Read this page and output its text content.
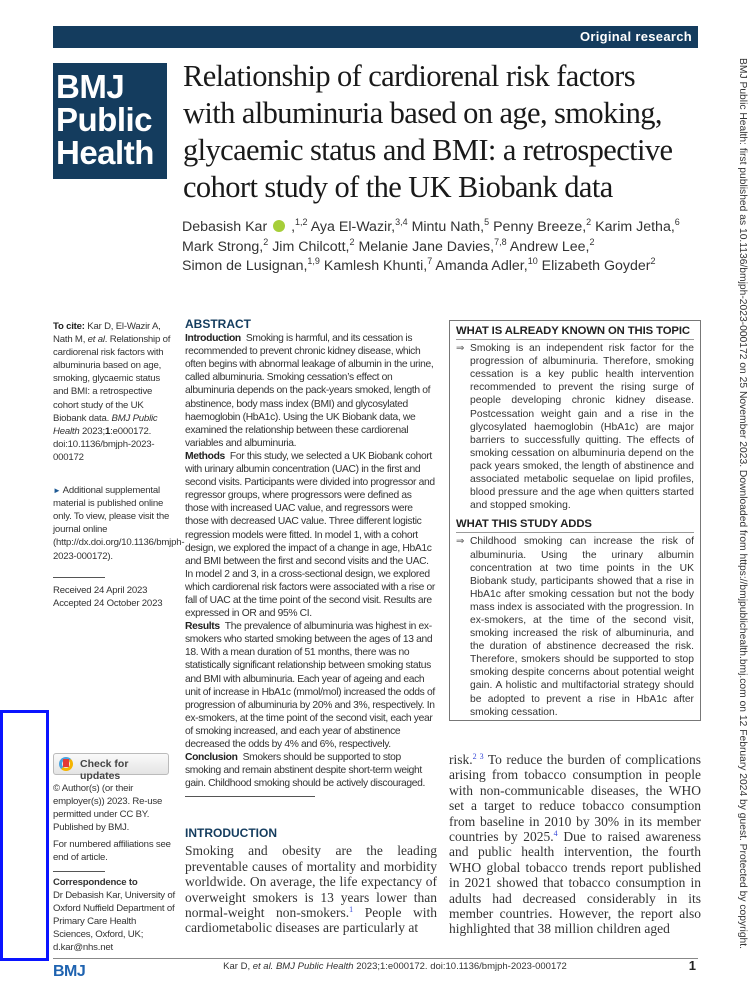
Original research
BMJ
Public
Health
Relationship of cardiorenal risk factors with albuminuria based on age, smoking, glycaemic status and BMI: a retrospective cohort study of the UK Biobank data
Debasish Kar ,$^{1,2}$ Aya El-Wazir,$^{3,4}$ Mintu Nath,$^5$ Penny Breeze,$^2$ Karim Jetha,$^6$
Mark Strong,$^2$ Jim Chilcott,$^2$ Melanie Jane Davies,$^{7,8}$ Andrew Lee,$^2$
Simon de Lusignan,$^{1,9}$ Kamlesh Khunti,$^7$ Amanda Adler,$^{10}$ Elizabeth Goyder$^2$
To cite: Kar D, El-Wazir A, Nath M, et al. Relationship of cardiorenal risk factors with albuminuria based on age, smoking, glycaemic status and BMI: a retrospective cohort study of the UK Biobank data. BMJ Public Health 2023;1:e000172. doi:10.1136/bmjph-2023-000172
► Additional supplemental material is published online only. To view, please visit the journal online (http://dx.doi.org/10.1136/bmjph-2023-000172).
Received 24 April 2023
Accepted 24 October 2023
Check for updates

© Author(s) (or their employer(s)) 2023. Re-use permitted under CC BY. Published by BMJ.

For numbered affiliations see end of article.

Correspondence to
Dr Debasish Kar, University of Oxford Nuffield Department of Primary Care Health Sciences, Oxford, UK; d.kar@nhs.net
ABSTRACT
Introduction Smoking is harmful, and its cessation is recommended to prevent chronic kidney disease, which often begins with abnormal leakage of albumin in the urine, called albuminuria. Smoking cessation’s effect on albuminuria depends on the pack-years smoked, length of abstinence, body mass index (BMI) and glycosylated haemoglobin (HbA1c). Using the UK Biobank data, we examined the relationship between these cardiorenal variables and albuminuria.
Methods For this study, we selected a UK Biobank cohort with urinary albumin concentration (UAC) in the first and second visits. Participants were divided into progressor and regressor groups, where progressors were defined as those with increased UAC value, and regressors were those with decreased UAC value. Three different logistic regression models were fitted. In model 1, with a cohort design, we explored the impact of a change in age, HbA1c and BMI between the first and second visits and the UAC. In model 2 and 3, in a cross-sectional design, we explored which cardiorenal risk factors were associated with a rise or fall of UAC at the time point of the second visit. Results are expressed in OR and 95% CI.
Results The prevalence of albuminuria was highest in ex-smokers who started smoking between the ages of 13 and 18. With a mean duration of 51 months, there was no statistically significant relationship between smoking status and BMI with albuminuria. Each year of ageing and each unit of increase in HbA1c (mmol/mol) increased the odds of progression of albuminuria by 20% and 3%, respectively. In ex-smokers, at the time point of the second visit, each year of smoking increased, and each year of abstinence decreased the odds by 4% and 6%, respectively.
Conclusion Smokers should be supported to stop smoking and remain abstinent despite short-term weight gain. Childhood smoking should be actively discouraged.
WHAT IS ALREADY KNOWN ON THIS TOPIC
⇒ Smoking is an independent risk factor for the progression of albuminuria. Therefore, smoking cessation is a key public health intervention recommended to prevent the rising surge of people developing chronic kidney disease. Postcessation weight gain and a rise in the glycosylated haemoglobin (HbA1c) are major barriers to successfully quitting. The effects of smoking cessation on albuminuria depend on the pack years smoked, the length of abstinence and associated metabolic sequelae on lipid profiles, blood pressure and the age when quitters started and stopped smoking.
WHAT THIS STUDY ADDS
⇒ Childhood smoking can increase the risk of albuminuria. Using the urinary albumin concentration at two time points in the UK Biobank study, participants showed that a rise in HbA1c after smoking cessation but not the body mass index is associated with the progression. In ex-smokers, at the time of the second visit, smoking increased the risk of albuminuria, and the duration of abstinence decreased the risk. Therefore, smokers should be supported to stop smoking despite concerns about potential weight gain. A holistic and multifactorial strategy should be adopted to prevent a rise in HbA1c after smoking cessation.
INTRODUCTION
Smoking and obesity are the leading preventable causes of mortality and morbidity worldwide. On average, the life expectancy of overweight smokers is 13 years lower than normal-weight non-smokers.$^1$ People with cardiometabolic diseases are particularly at
risk.$^{2 3}$ To reduce the burden of complications arising from tobacco consumption in people with non-communicable diseases, the WHO set a target to reduce tobacco consumption from baseline in 2010 by 30% in its member countries by 2025.$^4$ Due to raised awareness and public health intervention, the fourth WHO global tobacco trends report published in 2021 showed that tobacco consumption in adults had decreased considerably in its member countries. However, the report also highlighted that 38 million children aged
BMJ	Kar D, et al. BMJ Public Health 2023;1:e000172. doi:10.1136/bmjph-2023-000172	1
BMJ Public Health: first published as 10.1136/bmjph-2023-000172 on 25 November 2023. Downloaded from https://bmjpublichealth.bmj.com on 12 February 2024 by guest. Protected by copyright.
